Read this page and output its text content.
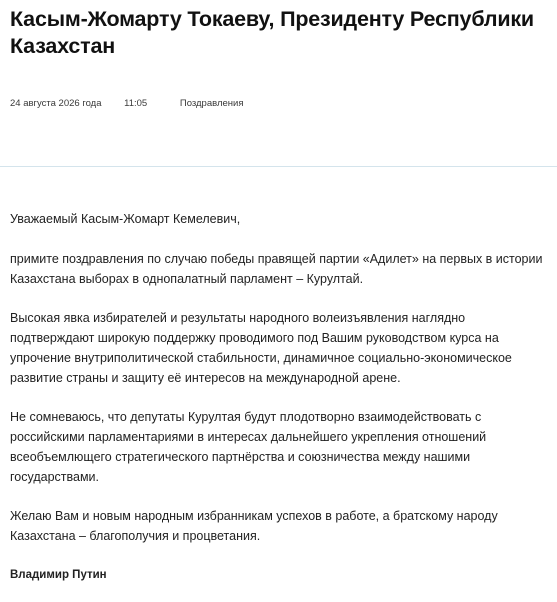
Касым-Жомарту Токаеву, Президенту Республики Казахстан
24 августа 2026 года 11:05	Поздравления

Уважаемый Касым-Жомарт Кемелевич,

примите поздравления по случаю победы правящей партии «Адилет» на первых в истории Казахстана выборах в однопалатный парламент – Курултай.

Высокая явка избирателей и результаты народного волеизъявления наглядно подтверждают широкую поддержку проводимого под Вашим руководством курса на упрочение внутриполитической стабильности, динамичное социально-экономическое развитие страны и защиту её интересов на международной арене.

Не сомневаюсь, что депутаты Курултая будут плодотворно взаимодействовать с российскими парламентариями в интересах дальнейшего укрепления отношений всеобъемлющего стратегического партнёрства и союзничества между нашими государствами.

Желаю Вам и новым народным избранникам успехов в работе, а братскому народу Казахстана – благополучия и процветания.

Владимир Путин
